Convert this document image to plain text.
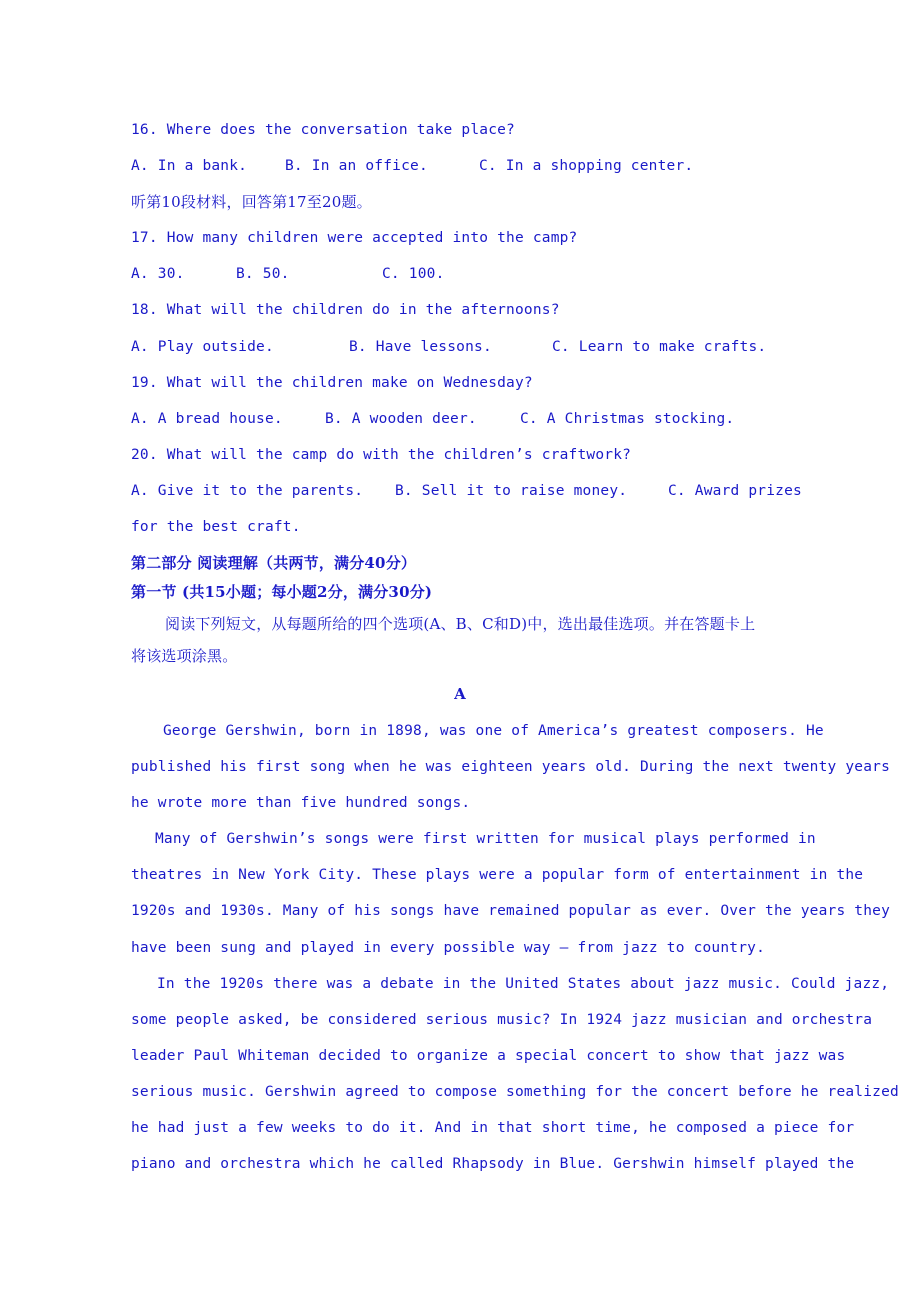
16. Where does the conversation take place?
A. In a bank.	B. In an office.	C. In a shopping center.
听第10段材料，回答第17至20题。
17. How many children were accepted into the camp?
A. 30.	B. 50.	C. 100.
18. What will the children do in the afternoons?
A. Play outside.	B. Have lessons.	C. Learn to make crafts.
19. What will the children make on Wednesday?
A. A bread house.	B. A wooden deer.	C. A Christmas stocking.
20. What will the camp do with the children’s craftwork?
A. Give it to the parents. B. Sell it to raise money.	C. Award prizes
for the best craft.
第二部分 阅读理解（共两节，满分40分）
第一节 (共15小题；每小题2分，满分30分)
阅读下列短文，从每题所给的四个选项(A、B、C和D)中，选出最佳选项。并在答题卡上
将该选项涂黑。
A
George Gershwin, born in 1898, was one of America’s greatest composers. He
published his first song when he was eighteen years old. During the next twenty years
he wrote more than five hundred songs.
Many of Gershwin’s songs were first written for musical plays performed in
theatres in New York City. These plays were a popular form of entertainment in the
1920s and 1930s. Many of his songs have remained popular as ever. Over the years they
have been sung and played in every possible way — from jazz to country.
In the 1920s there was a debate in the United States about jazz music. Could jazz,
some people asked, be considered serious music? In 1924 jazz musician and orchestra
leader Paul Whiteman decided to organize a special concert to show that jazz was
serious music. Gershwin agreed to compose something for the concert before he realized
he had just a few weeks to do it. And in that short time, he composed a piece for
piano and orchestra which he called Rhapsody in Blue. Gershwin himself played the
